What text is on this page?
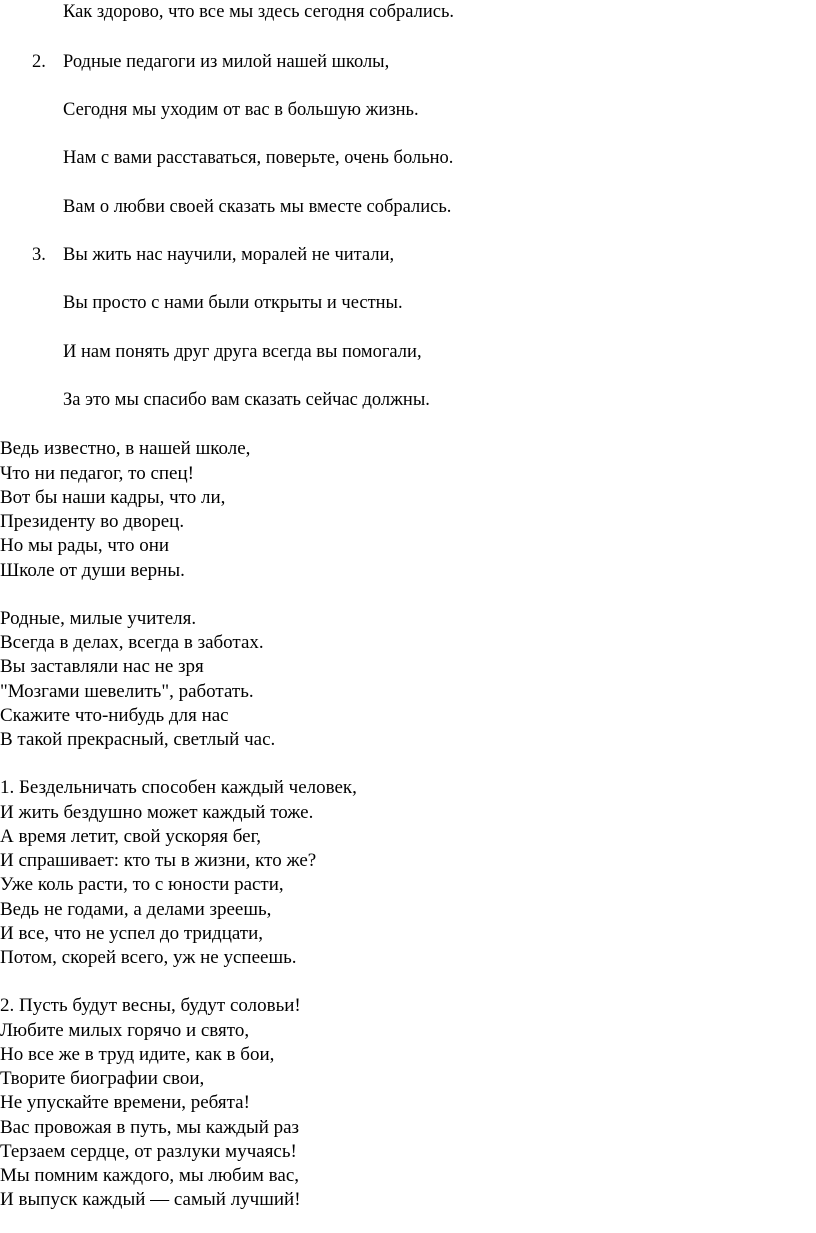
Как здорово, что все мы здесь сегодня собрались.
2. Родные педагоги из милой нашей школы,
Сегодня мы уходим от вас в большую жизнь.
Нам с вами расставаться, поверьте, очень больно.
Вам о любви своей сказать мы вместе собрались.
3. Вы жить нас научили, моралей не читали,
Вы просто с нами были открыты и честны.
И нам понять друг друга всегда вы помогали,
За это мы спасибо вам сказать сейчас должны.
Ведь известно, в нашей школе,
Что ни педагог, то спец!
Вот бы наши кадры, что ли,
Президенту во дворец.
Но мы рады, что они
Школе от души верны.
Родные, милые учителя.
Всегда в делах, всегда в заботах.
Вы заставляли нас не зря
"Мозгами шевелить", работать.
Скажите что-нибудь для нас
В такой прекрасный, светлый час.
1. Бездельничать способен каждый человек,
И жить бездушно может каждый тоже.
А время летит, свой ускоряя бег,
И спрашивает: кто ты в жизни, кто же?
Уже коль расти, то с юности расти,
Ведь не годами, а делами зреешь,
И все, что не успел до тридцати,
Потом, скорей всего, уж не успеешь.
2. Пусть будут весны, будут соловьи!
Любите милых горячо и свято,
Но все же в труд идите, как в бои,
Творите биографии свои,
Не упускайте времени, ребята!
Вас провожая в путь, мы каждый раз
Терзаем сердце, от разлуки мучаясь!
Мы помним каждого, мы любим вас,
И выпуск каждый — самый лучший!
